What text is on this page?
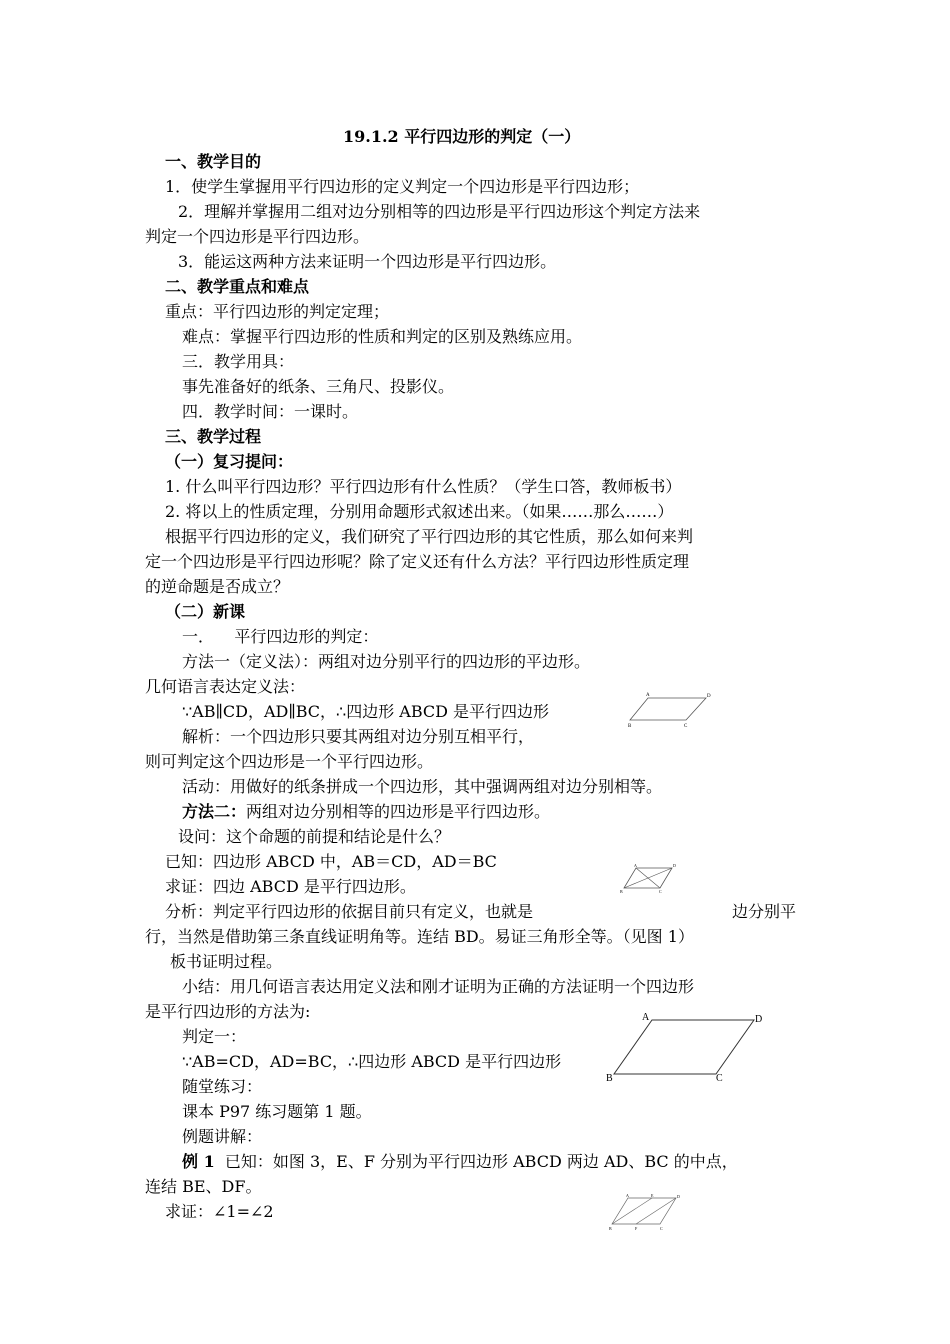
19.1.2 平行四边形的判定（一）
一、教学目的
1．使学生掌握用平行四边形的定义判定一个四边形是平行四边形；
2．理解并掌握用二组对边分别相等的四边形是平行四边形这个判定方法来
判定一个四边形是平行四边形。
3．能运这两种方法来证明一个四边形是平行四边形。
二、教学重点和难点
重点：平行四边形的判定定理；
难点：掌握平行四边形的性质和判定的区别及熟练应用。
三．教学用具：
事先准备好的纸条、三角尺、投影仪。
四．教学时间：一课时。
三、教学过程
（一）复习提问：
1. 什么叫平行四边形？平行四边形有什么性质？（学生口答，教师板书）
2. 将以上的性质定理，分别用命题形式叙述出来。（如果……那么……）
根据平行四边形的定义，我们研究了平行四边形的其它性质，那么如何来判
定一个四边形是平行四边形呢？除了定义还有什么方法？平行四边形性质定理
的逆命题是否成立？
（二）新课
一．    平行四边形的判定：
方法一（定义法）：两组对边分别平行的四边形的平边形。
几何语言表达定义法：
∵AB∥CD，AD∥BC，∴四边形 ABCD 是平行四边形
解析：一个四边形只要其两组对边分别互相平行，
则可判定这个四边形是一个平行四边形。
活动：用做好的纸条拼成一个四边形，其中强调两组对边分别相等。
方法二：两组对边分别相等的四边形是平行四边形。
设问：这个命题的前提和结论是什么？
已知：四边形 ABCD 中，AB＝CD，AD＝BC
求证：四边 ABCD 是平行四边形。
分析：判定平行四边形的依据目前只有定义，也就是	边分别平
行，当然是借助第三条直线证明角等。连结 BD。易证三角形全等。（见图 1）
板书证明过程。
小结：用几何语言表达用定义法和刚才证明为正确的方法证明一个四边形
是平行四边形的方法为:
判定一：
∵AB=CD，AD=BC，∴四边形 ABCD 是平行四边形
随堂练习：
课本 P97 练习题第 1 题。
例题讲解：
例 1 已知：如图 3，E、F 分别为平行四边形 ABCD 两边 AD、BC 的中点，
连结 BE、DF。
求证：∠1=∠2
A	D
B	C
A	D
B	C
A	D
B	C
A	E	D
B	F	C
